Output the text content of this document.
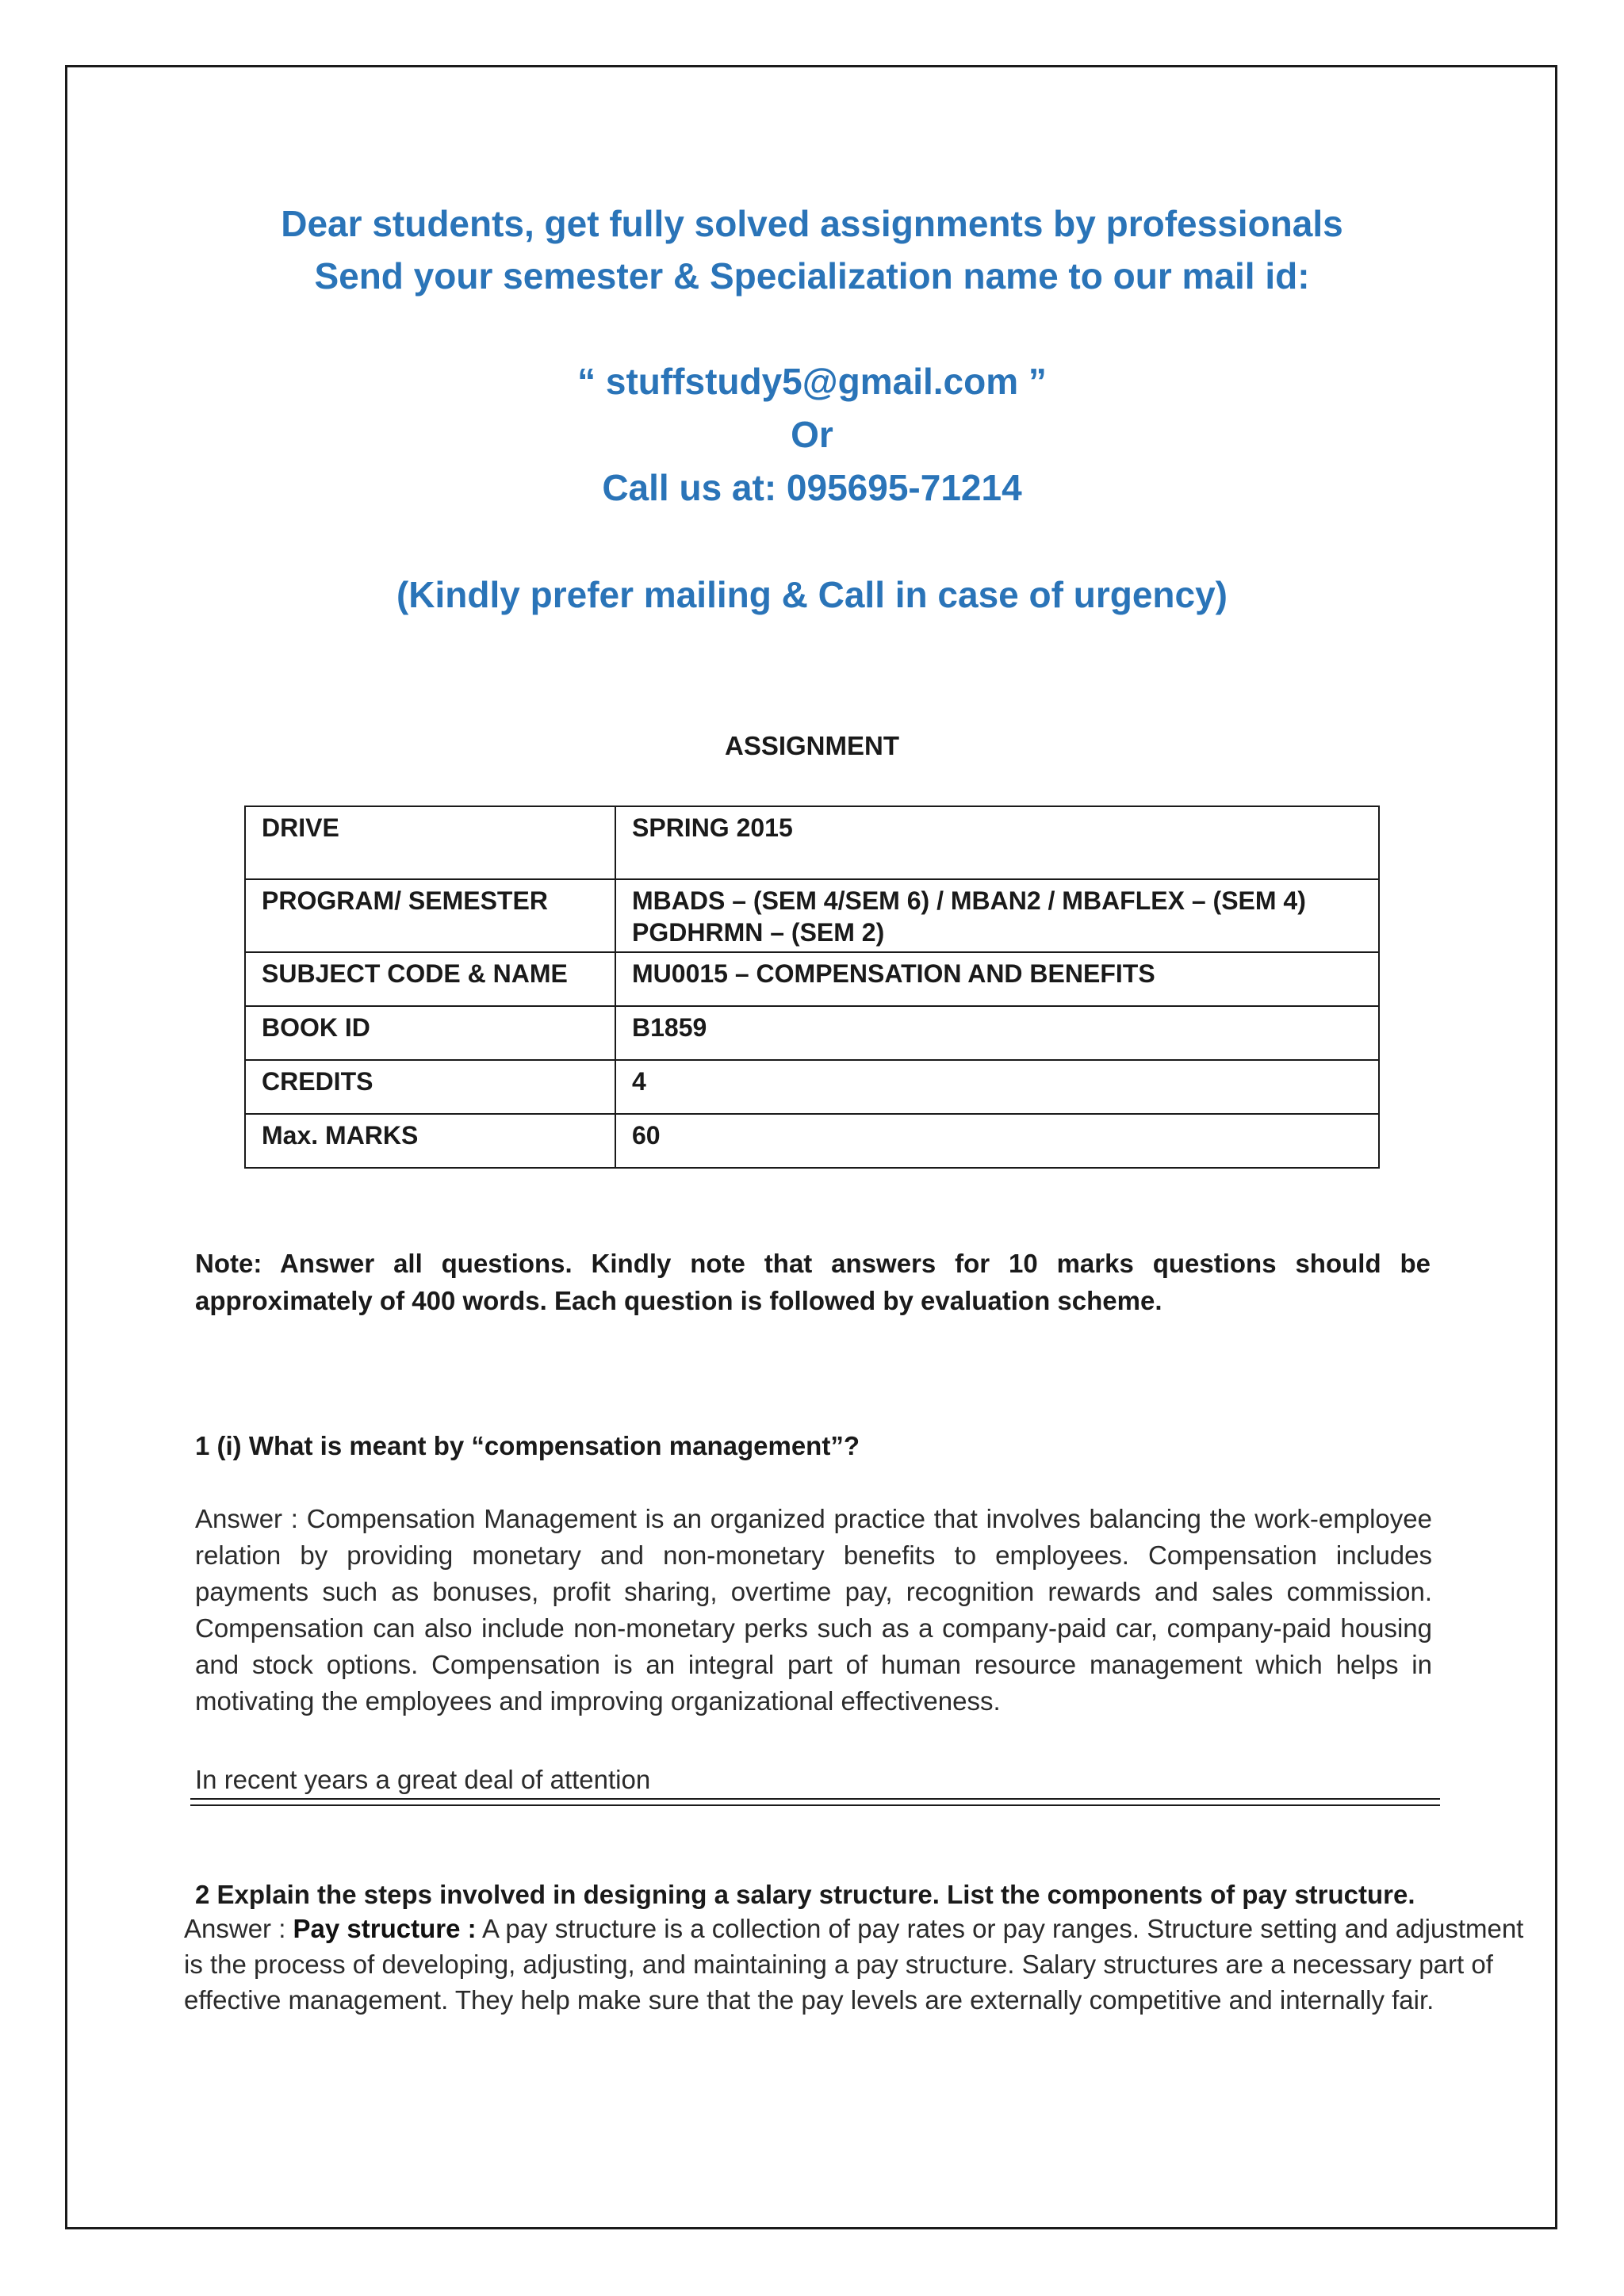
Dear students, get fully solved assignments by professionals
Send your semester & Specialization name to our mail id:
“ stuffstudy5@gmail.com ”
Or
Call us at: 095695-71214
(Kindly prefer mailing & Call in case of urgency)
ASSIGNMENT
DRIVE	SPRING 2015
PROGRAM/ SEMESTER	MBADS – (SEM 4/SEM 6) / MBAN2 / MBAFLEX – (SEM 4)
PGDHRMN – (SEM 2)

SUBJECT CODE & NAME	MU0015 – COMPENSATION AND BENEFITS
BOOK ID	B1859
CREDITS	4
Max. MARKS	60
Note: Answer all questions. Kindly note that answers for 10 marks questions should be approximately of 400 words. Each question is followed by evaluation scheme.
1 (i) What is meant by “compensation management”?
Answer : Compensation Management is an organized practice that involves balancing the work-employee relation by providing monetary and non-monetary benefits to employees. Compensation includes payments such as bonuses, profit sharing, overtime pay, recognition rewards and sales commission. Compensation can also include non-monetary perks such as a company-paid car, company-paid housing and stock options. Compensation is an integral part of human resource management which helps in motivating the employees and improving organizational effectiveness.
In recent years a great deal of attention
2 Explain the steps involved in designing a salary structure. List the components of pay structure.
Answer : Pay structure : A pay structure is a collection of pay rates or pay ranges. Structure setting and adjustment is the process of developing, adjusting, and maintaining a pay structure. Salary structures are a necessary part of effective management. They help make sure that the pay levels are externally competitive and internally fair.
